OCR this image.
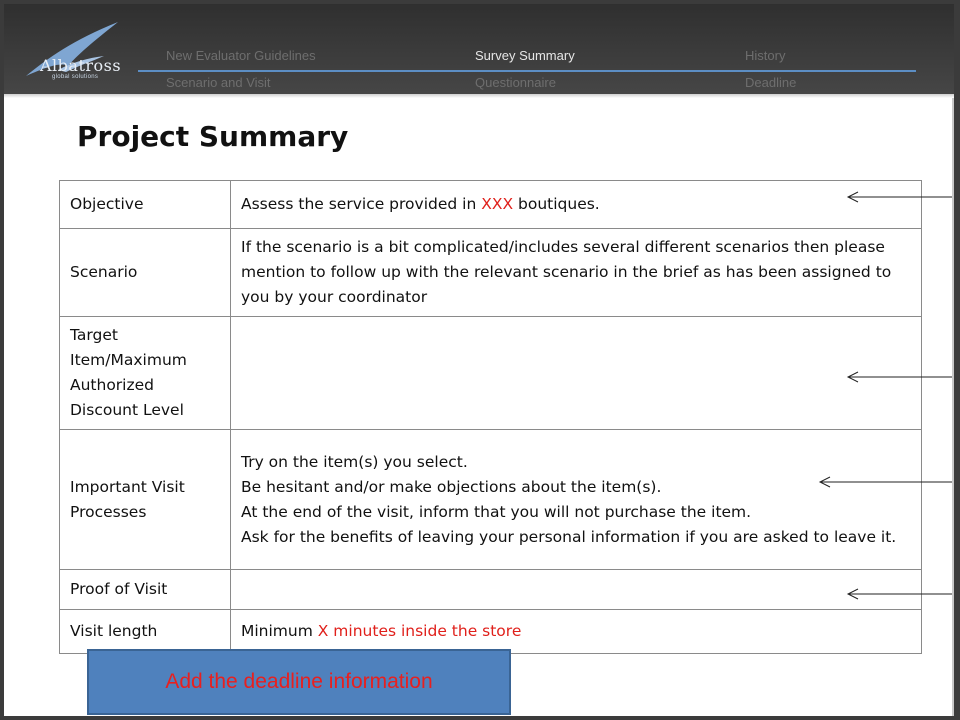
Albatross
global solutions
New Evaluator Guidelines	Survey Summary	History
Scenario and Visit	Questionnaire	Deadline
Project Summary
Objective	Assess the service provided in XXX boutiques.
Scenario	If the scenario is a bit complicated/includes several different scenarios then please mention to follow up with the relevant scenario in the brief as has been assigned to you by your coordinator
Target Item/Maximum Authorized Discount Level	
Important Visit Processes	Try on the item(s) you select.
Be hesitant and/or make objections about the item(s).
At the end of the visit, inform that you will not purchase the item.
Ask for the benefits of leaving your personal information if you are asked to leave it.

Proof of Visit	
Visit length	Minimum X minutes inside the store
Add the deadline information
